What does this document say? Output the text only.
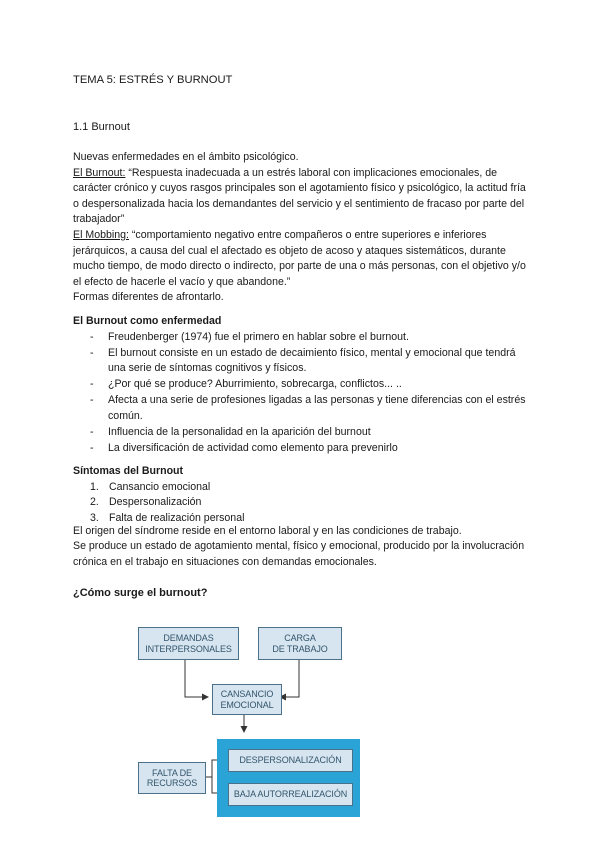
TEMA 5: ESTRÉS Y BURNOUT
1.1 Burnout

Nuevas enfermedades en el ámbito psicológico.

El Burnout: “Respuesta inadecuada a un estrés laboral con implicaciones emocionales, de carácter crónico y cuyos rasgos principales son el agotamiento físico y psicológico, la actitud fría o despersonalizada hacia los demandantes del servicio y el sentimiento de fracaso por parte del trabajador”

El Mobbing: “comportamiento negativo entre compañeros o entre superiores e inferiores jerárquicos, a causa del cual el afectado es objeto de acoso y ataques sistemáticos, durante mucho tiempo, de modo directo o indirecto, por parte de una o más personas, con el objetivo y/o el efecto de hacerle el vacío y que abandone.”

Formas diferentes de afrontarlo.

El Burnout como enfermedad
- Freudenberger (1974) fue el primero en hablar sobre el burnout.
- El burnout consiste en un estado de decaimiento físico, mental y emocional que tendrá una serie de síntomas cognitivos y físicos.
- ¿Por qué se produce? Aburrimiento, sobrecarga, conflictos... ..
- Afecta a una serie de profesiones ligadas a las personas y tiene diferencias con el estrés común.
- Influencia de la personalidad en la aparición del burnout
- La diversificación de actividad como elemento para prevenirlo
Síntomas del Burnout
1. Cansancio emocional
2. Despersonalización
3. Falta de realización personal

El origen del síndrome reside en el entorno laboral y en las condiciones de trabajo.

Se produce un estado de agotamiento mental, físico y emocional, producido por la involucración crónica en el trabajo en situaciones con demandas emocionales.

¿Cómo surge el burnout?
DEMANDAS
INTERPERSONALES
CARGA
DE TRABAJO
CANSANCIO
EMOCIONAL
DESPERSONALIZACIÓN
BAJA AUTORREALIZACIÓN
FALTA DE
RECURSOS
